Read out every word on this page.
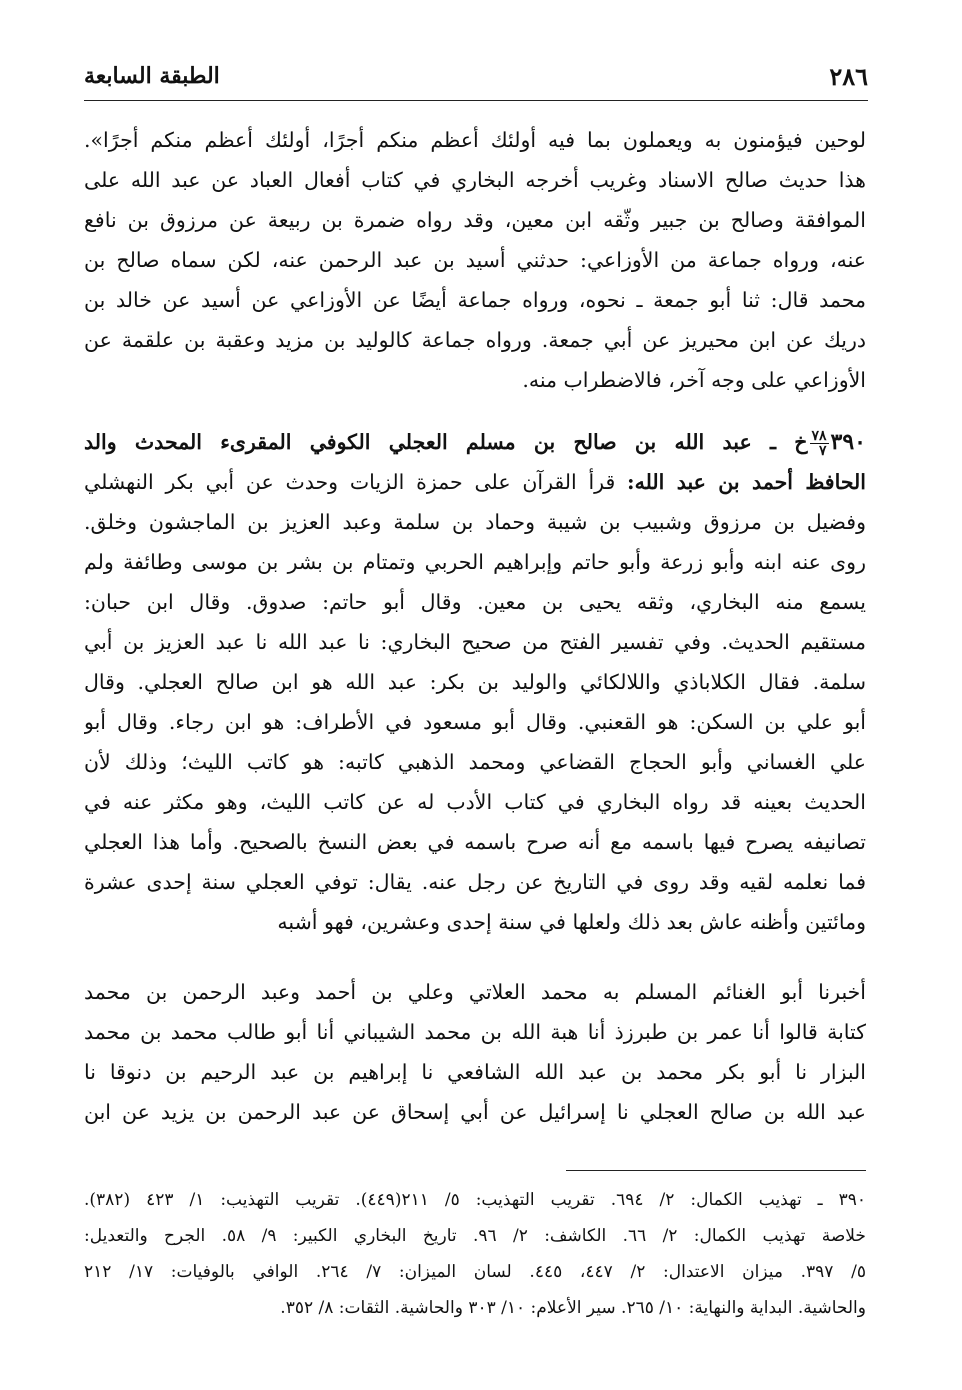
٢٨٦
الطبقة السابعة
لوحين فيؤمنون به ويعملون بما فيه أولئك أعظم منكم أجرًا، أولئك أعظم منكم أجرًا».
هذا حديث صالح الاسناد وغريب أخرجه البخاري في كتاب أفعال العباد عن عبد الله على
الموافقة وصالح بن جبير وثّقه ابن معين، وقد رواه ضمرة بن ربيعة عن مرزوق بن نافع
عنه، ورواه جماعة من الأوزاعي: حدثني أسيد بن عبد الرحمن عنه، لكن سماه صالح بن
محمد قال: ثنا أبو جمعة ـ نحوه، ورواه جماعة أيضًا عن الأوزاعي عن أسيد عن خالد بن
دريك عن ابن محيريز عن أبي جمعة. ورواه جماعة كالوليد بن مزيد وعقبة بن علقمة عن
الأوزاعي على وجه آخر، فالاضطراب منه.
٣٩٠
$\frac{٧٨}{٧}$
خ ـ عبد الله بن صالح بن مسلم العجلي الكوفي المقرىء المحدث والد
الحافظ أحمد بن عبد الله: قرأ القرآن على حمزة الزيات وحدث عن أبي بكر النهشلي
وفضيل بن مرزوق وشبيب بن شيبة وحماد بن سلمة وعبد العزيز بن الماجشون وخلق.
روى عنه ابنه وأبو زرعة وأبو حاتم وإبراهيم الحربي وتمتام بن بشر بن موسى وطائفة ولم
يسمع منه البخاري، وثقه يحيى بن معين. وقال أبو حاتم: صدوق. وقال ابن حبان:
مستقيم الحديث. وفي تفسير الفتح من صحيح البخاري: نا عبد الله نا عبد العزيز بن أبي
سلمة. فقال الكلاباذي واللالكائي والوليد بن بكر: عبد الله هو ابن صالح العجلي. وقال
أبو علي بن السكن: هو القعنبي. وقال أبو مسعود في الأطراف: هو ابن رجاء. وقال أبو
علي الغساني وأبو الحجاج القضاعي ومحمد الذهبي كاتبه: هو كاتب الليث؛ وذلك لأن
الحديث بعينه قد رواه البخاري في كتاب الأدب له عن كاتب الليث، وهو مكثر عنه في
تصانيفه يصرح فيها باسمه مع أنه صرح باسمه في بعض النسخ بالصحيح. وأما هذا العجلي
فما نعلمه لقيه وقد روى في التاريخ عن رجل عنه. يقال: توفي العجلي سنة إحدى عشرة
ومائتين وأظنه عاش بعد ذلك ولعلها في سنة إحدى وعشرين، فهو أشبه
أخبرنا أبو الغنائم المسلم به محمد العلاتي وعلي بن أحمد وعبد الرحمن بن محمد
كتابة قالوا أنا عمر بن طبرزذ أنا هبة الله بن محمد الشيباني أنا أبو طالب محمد بن محمد
البزار نا أبو بكر محمد بن عبد الله الشافعي نا إبراهيم بن عبد الرحيم بن دنوقا نا
عبد الله بن صالح العجلي نا إسرائيل عن أبي إسحاق عن عبد الرحمن بن يزيد عن ابن
٣٩٠ ـ تهذيب الكمال: ٢/ ٦٩٤. تقريب التهذيب: ٥/ ٢١١(٤٤٩). تقريب التهذيب: ١/ ٤٢٣ (٣٨٢).
خلاصة تهذيب الكمال: ٢/ ٦٦. الكاشف: ٢/ ٩٦. تاريخ البخاري الكبير: ٩/ ٥٨. الجرح والتعديل:
٥/ ٣٩٧. ميزان الاعتدال: ٢/ ٤٤٧، ٤٤٥. لسان الميزان: ٧/ ٢٦٤. الوافي بالوفيات: ١٧/ ٢١٢
والحاشية. البداية والنهاية: ١٠/ ٢٦٥. سير الأعلام: ١٠/ ٣٠٣ والحاشية. الثقات: ٨/ ٣٥٢.
